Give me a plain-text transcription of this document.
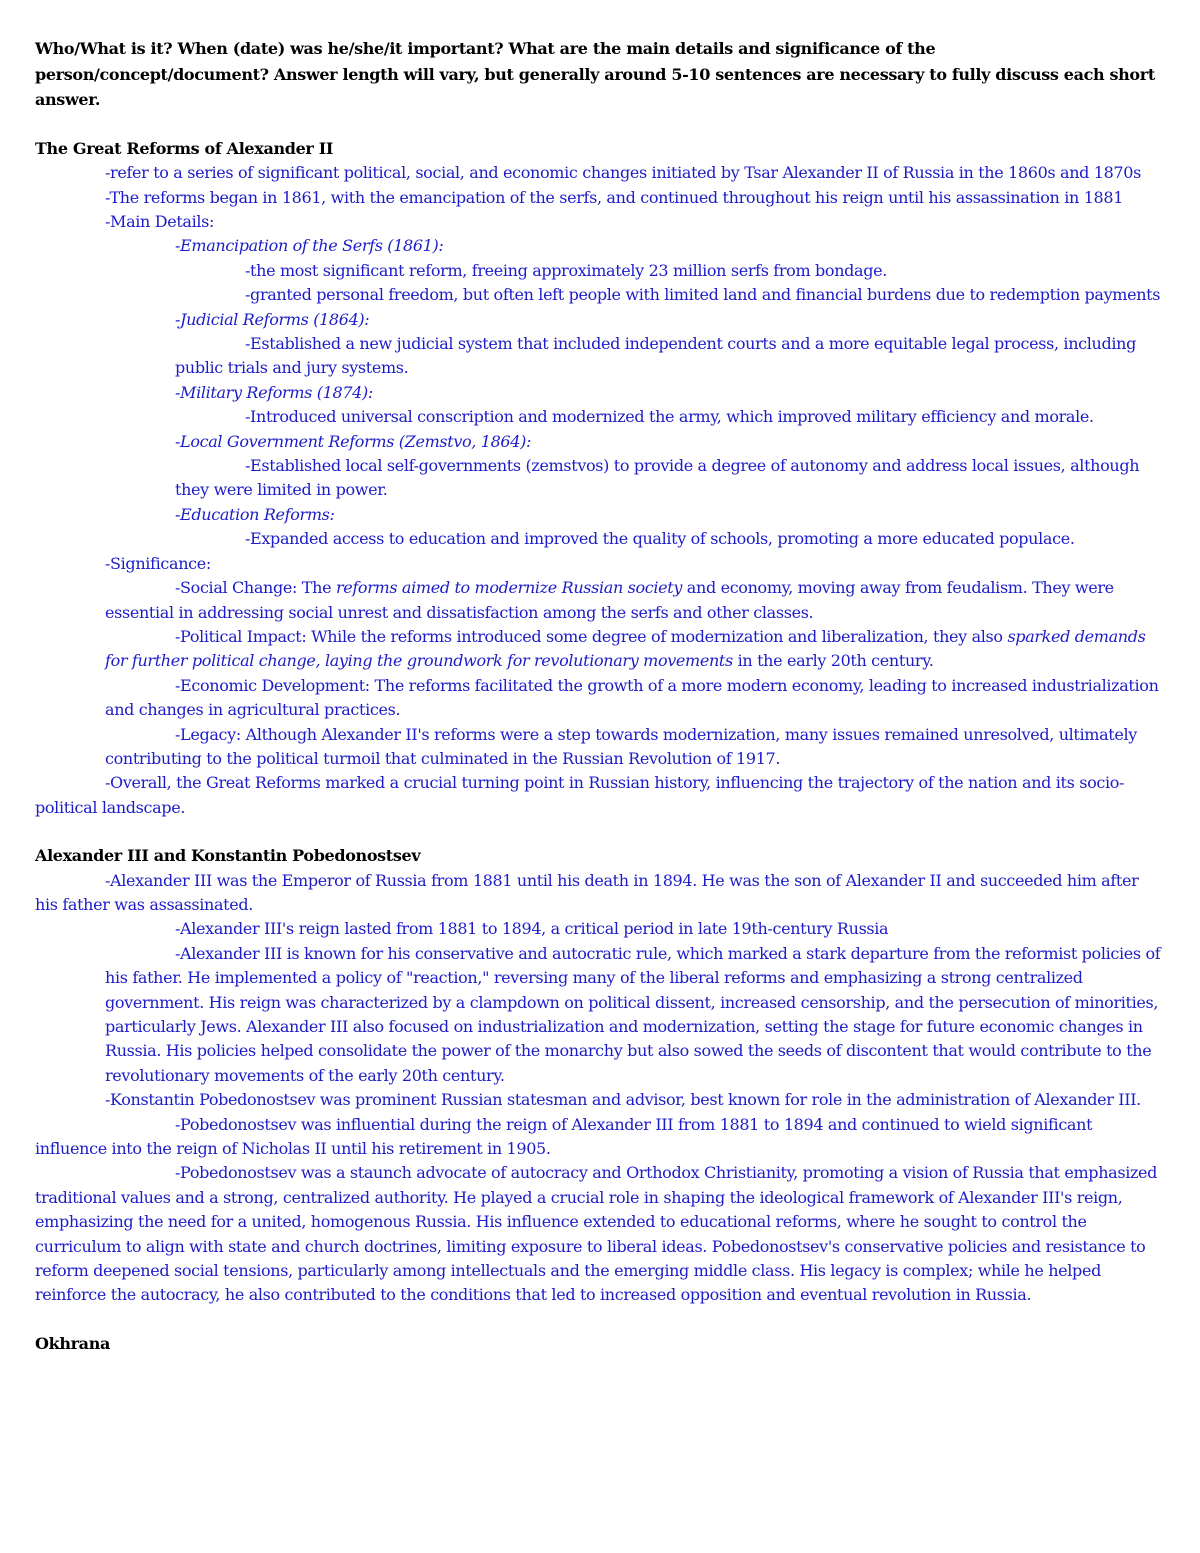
Who/What is it? When (date) was he/she/it important? What are the main details and significance of the person/concept/document? Answer length will vary, but generally around 5-10 sentences are necessary to fully discuss each short answer.

The Great Reforms of Alexander II

-refer to a series of significant political, social, and economic changes initiated by Tsar Alexander II of Russia in the 1860s and 1870s

-The reforms began in 1861, with the emancipation of the serfs, and continued throughout his reign until his assassination in 1881

-Main Details:

-Emancipation of the Serfs (1861):

-the most significant reform, freeing approximately 23 million serfs from bondage.

-granted personal freedom, but often left people with limited land and financial burdens due to redemption payments

-Judicial Reforms (1864):

-Established a new judicial system that included independent courts and a more equitable legal process, including public trials and jury systems.

-Military Reforms (1874):

-Introduced universal conscription and modernized the army, which improved military efficiency and morale.

-Local Government Reforms (Zemstvo, 1864):

-Established local self-governments (zemstvos) to provide a degree of autonomy and address local issues, although they were limited in power.

-Education Reforms:

-Expanded access to education and improved the quality of schools, promoting a more educated populace.

-Significance:

-Social Change: The reforms aimed to modernize Russian society and economy, moving away from feudalism. They were essential in addressing social unrest and dissatisfaction among the serfs and other classes.

-Political Impact: While the reforms introduced some degree of modernization and liberalization, they also sparked demands for further political change, laying the groundwork for revolutionary movements in the early 20th century.

-Economic Development: The reforms facilitated the growth of a more modern economy, leading to increased industrialization and changes in agricultural practices.

-Legacy: Although Alexander II's reforms were a step towards modernization, many issues remained unresolved, ultimately contributing to the political turmoil that culminated in the Russian Revolution of 1917.

-Overall, the Great Reforms marked a crucial turning point in Russian history, influencing the trajectory of the nation and its socio-political landscape.

Alexander III and Konstantin Pobedonostsev

-Alexander III was the Emperor of Russia from 1881 until his death in 1894. He was the son of Alexander II and succeeded him after his father was assassinated.

-Alexander III's reign lasted from 1881 to 1894, a critical period in late 19th-century Russia

-Alexander III is known for his conservative and autocratic rule, which marked a stark departure from the reformist policies of his father. He implemented a policy of "reaction," reversing many of the liberal reforms and emphasizing a strong centralized government. His reign was characterized by a clampdown on political dissent, increased censorship, and the persecution of minorities, particularly Jews. Alexander III also focused on industrialization and modernization, setting the stage for future economic changes in Russia. His policies helped consolidate the power of the monarchy but also sowed the seeds of discontent that would contribute to the revolutionary movements of the early 20th century.

-Konstantin Pobedonostsev was prominent Russian statesman and advisor, best known for role in the administration of Alexander III.

-Pobedonostsev was influential during the reign of Alexander III from 1881 to 1894 and continued to wield significant influence into the reign of Nicholas II until his retirement in 1905.

-Pobedonostsev was a staunch advocate of autocracy and Orthodox Christianity, promoting a vision of Russia that emphasized traditional values and a strong, centralized authority. He played a crucial role in shaping the ideological framework of Alexander III's reign, emphasizing the need for a united, homogenous Russia. His influence extended to educational reforms, where he sought to control the curriculum to align with state and church doctrines, limiting exposure to liberal ideas. Pobedonostsev's conservative policies and resistance to reform deepened social tensions, particularly among intellectuals and the emerging middle class. His legacy is complex; while he helped reinforce the autocracy, he also contributed to the conditions that led to increased opposition and eventual revolution in Russia.

Okhrana
